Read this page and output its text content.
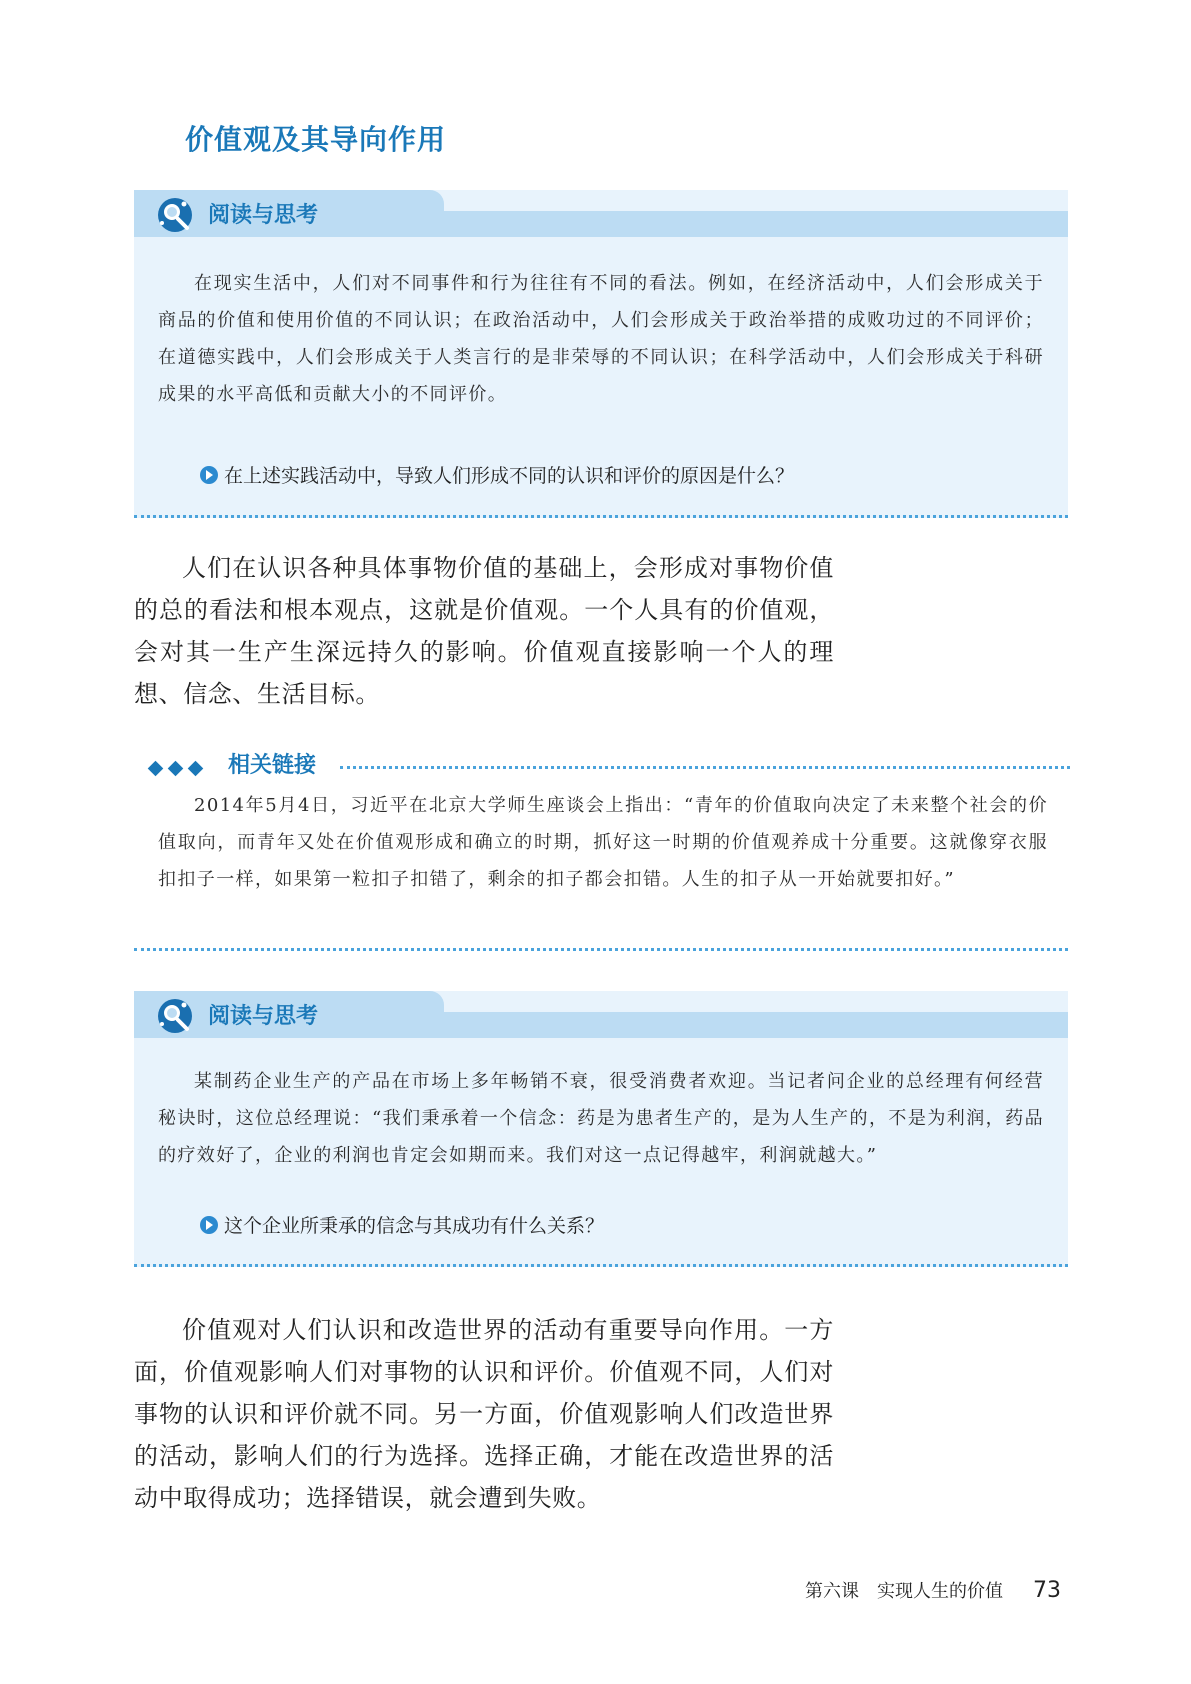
价值观及其导向作用
阅读与思考

在现实生活中，人们对不同事件和行为往往有不同的看法。例如，在经济活动中，人们会形成关于商品的价值和使用价值的不同认识；在政治活动中，人们会形成关于政治举措的成败功过的不同评价；在道德实践中，人们会形成关于人类言行的是非荣辱的不同认识；在科学活动中，人们会形成关于科研成果的水平高低和贡献大小的不同评价。

在上述实践活动中，导致人们形成不同的认识和评价的原因是什么？

人们在认识各种具体事物价值的基础上，会形成对事物价值的总的看法和根本观点，这就是价值观。一个人具有的价值观，会对其一生产生深远持久的影响。价值观直接影响一个人的理想、信念、生活目标。

相关链接

2014年5月4日，习近平在北京大学师生座谈会上指出：“青年的价值取向决定了未来整个社会的价值取向，而青年又处在价值观形成和确立的时期，抓好这一时期的价值观养成十分重要。这就像穿衣服扣扣子一样，如果第一粒扣子扣错了，剩余的扣子都会扣错。人生的扣子从一开始就要扣好。”

阅读与思考

某制药企业生产的产品在市场上多年畅销不衰，很受消费者欢迎。当记者问企业的总经理有何经营秘诀时，这位总经理说：“我们秉承着一个信念：药是为患者生产的，是为人生产的，不是为利润，药品的疗效好了，企业的利润也肯定会如期而来。我们对这一点记得越牢，利润就越大。”

这个企业所秉承的信念与其成功有什么关系？

价值观对人们认识和改造世界的活动有重要导向作用。一方面，价值观影响人们对事物的认识和评价。价值观不同，人们对事物的认识和评价就不同。另一方面，价值观影响人们改造世界的活动，影响人们的行为选择。选择正确，才能在改造世界的活动中取得成功；选择错误，就会遭到失败。

第六课　实现人生的价值 73
